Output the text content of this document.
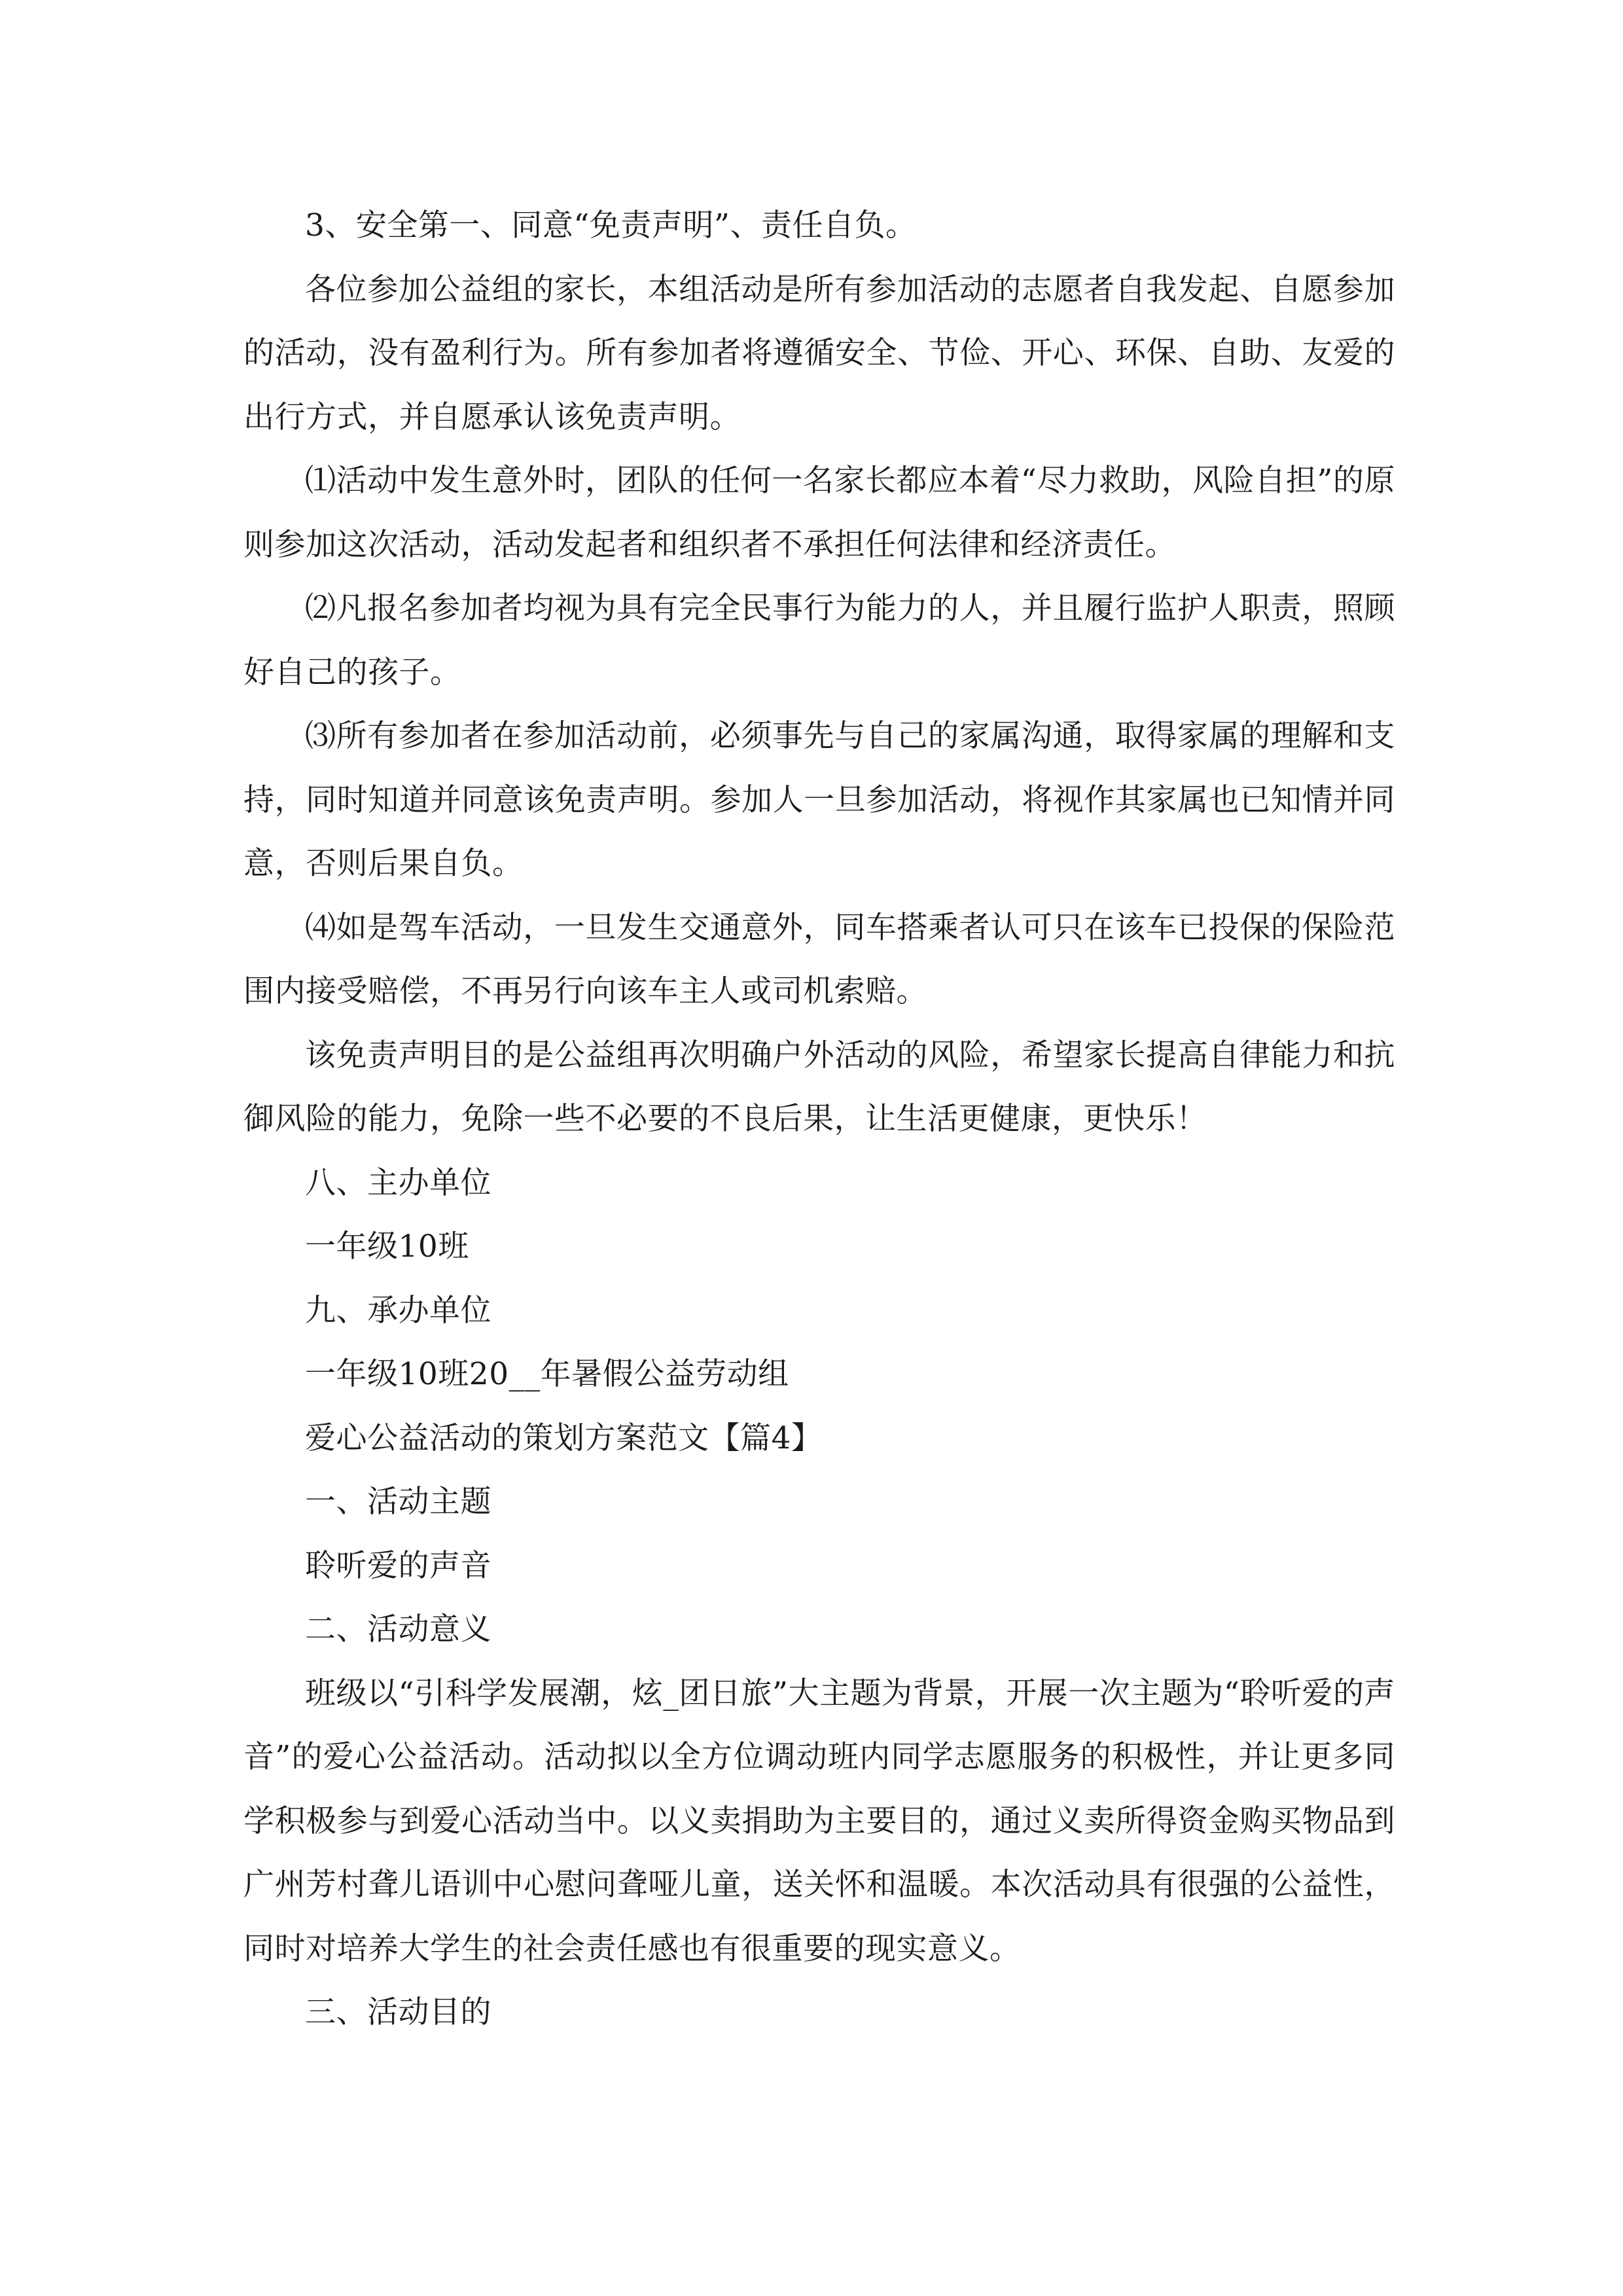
3、安全第一、同意“免责声明”、责任自负。

各位参加公益组的家长，本组活动是所有参加活动的志愿者自我发起、自愿参加的活动，没有盈利行为。所有参加者将遵循安全、节俭、开心、环保、自助、友爱的出行方式，并自愿承认该免责声明。

⑴活动中发生意外时，团队的任何一名家长都应本着“尽力救助，风险自担”的原则参加这次活动，活动发起者和组织者不承担任何法律和经济责任。

⑵凡报名参加者均视为具有完全民事行为能力的人，并且履行监护人职责，照顾好自己的孩子。

⑶所有参加者在参加活动前，必须事先与自己的家属沟通，取得家属的理解和支持，同时知道并同意该免责声明。参加人一旦参加活动，将视作其家属也已知情并同意，否则后果自负。

⑷如是驾车活动，一旦发生交通意外，同车搭乘者认可只在该车已投保的保险范围内接受赔偿，不再另行向该车主人或司机索赔。

该免责声明目的是公益组再次明确户外活动的风险，希望家长提高自律能力和抗御风险的能力，免除一些不必要的不良后果，让生活更健康，更快乐！

八、主办单位

一年级10班

九、承办单位

一年级10班20__年暑假公益劳动组

爱心公益活动的策划方案范文【篇4】

一、活动主题

聆听爱的声音

二、活动意义

班级以“引科学发展潮，炫_团日旅”大主题为背景，开展一次主题为“聆听爱的声音”的爱心公益活动。活动拟以全方位调动班内同学志愿服务的积极性，并让更多同学积极参与到爱心活动当中。以义卖捐助为主要目的，通过义卖所得资金购买物品到广州芳村聋儿语训中心慰问聋哑儿童，送关怀和温暖。本次活动具有很强的公益性，同时对培养大学生的社会责任感也有很重要的现实意义。

三、活动目的
